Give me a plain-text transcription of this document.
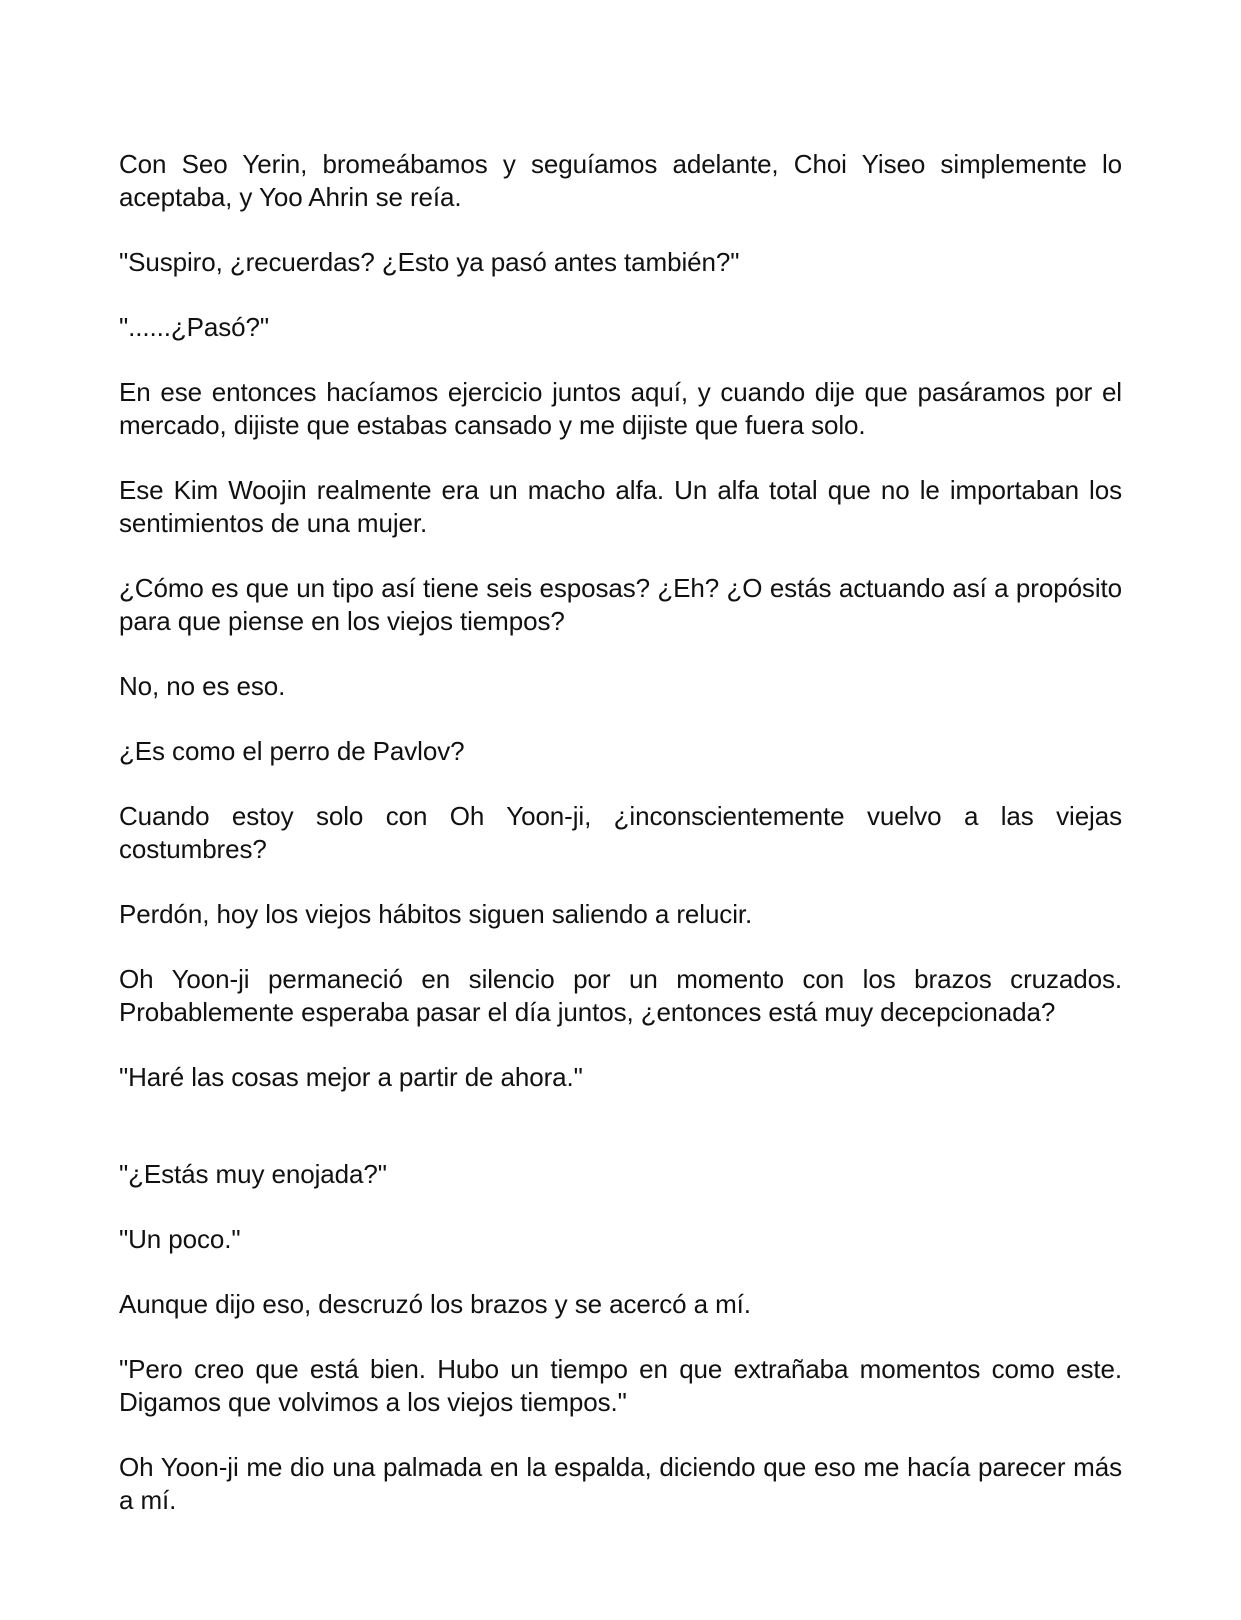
Con Seo Yerin, bromeábamos y seguíamos adelante, Choi Yiseo simplemente lo aceptaba, y Yoo Ahrin se reía.

"Suspiro, ¿recuerdas? ¿Esto ya pasó antes también?"

"......¿Pasó?"

En ese entonces hacíamos ejercicio juntos aquí, y cuando dije que pasáramos por el mercado, dijiste que estabas cansado y me dijiste que fuera solo.

Ese Kim Woojin realmente era un macho alfa. Un alfa total que no le importaban los sentimientos de una mujer.

¿Cómo es que un tipo así tiene seis esposas? ¿Eh? ¿O estás actuando así a propósito para que piense en los viejos tiempos?

No, no es eso.

¿Es como el perro de Pavlov?

Cuando estoy solo con Oh Yoon-ji, ¿inconscientemente vuelvo a las viejas costumbres?

Perdón, hoy los viejos hábitos siguen saliendo a relucir.

Oh Yoon-ji permaneció en silencio por un momento con los brazos cruzados. Probablemente esperaba pasar el día juntos, ¿entonces está muy decepcionada?

"Haré las cosas mejor a partir de ahora."

"¿Estás muy enojada?"

"Un poco."

Aunque dijo eso, descruzó los brazos y se acercó a mí.

"Pero creo que está bien. Hubo un tiempo en que extrañaba momentos como este. Digamos que volvimos a los viejos tiempos."

Oh Yoon-ji me dio una palmada en la espalda, diciendo que eso me hacía parecer más a mí.
